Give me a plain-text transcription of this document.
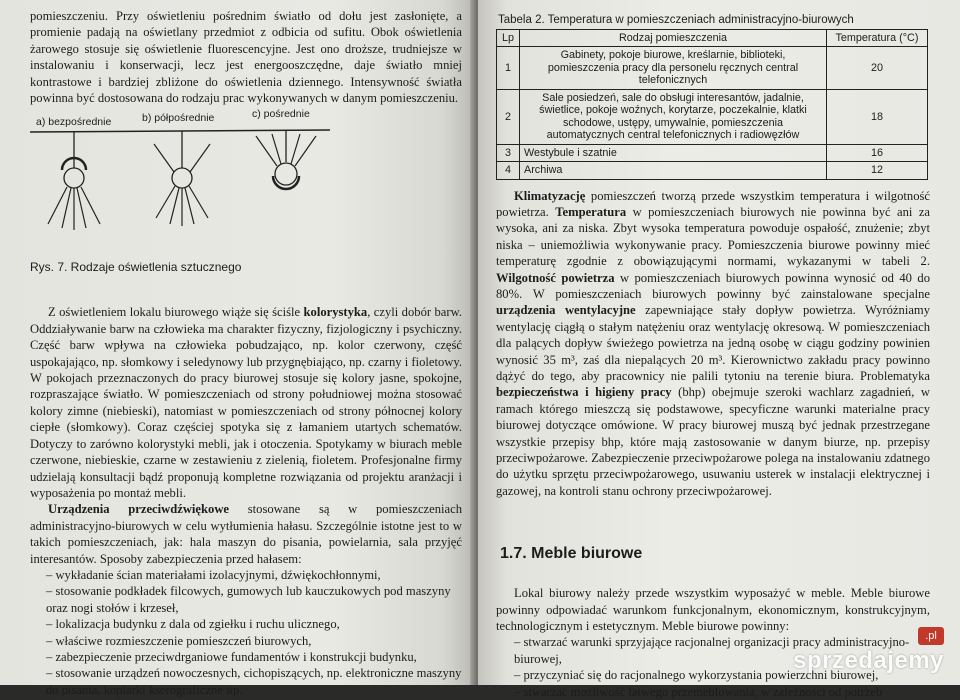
pomieszczeniu. Przy oświetleniu pośrednim światło od dołu jest zasłonięte, a promienie padają na oświetlany przedmiot z odbicia od sufitu. Obok oświetlenia żarowego stosuje się oświetlenie fluorescencyjne. Jest ono droższe, trudniejsze w instalowaniu i konserwacji, lecz jest energooszczędne, daje światło mniej kontrastowe i bardziej zbliżone do oświetlenia dziennego. Intensywność światła powinna być dostosowana do rodzaju prac wykonywanych w danym pomieszczeniu.

a) bezpośrednie	b) półpośrednie	c) pośrednie
Rys. 7. Rodzaje oświetlenia sztucznego

Z oświetleniem lokalu biurowego wiąże się ściśle kolorystyka, czyli dobór barw. Oddziaływanie barw na człowieka ma charakter fizyczny, fizjologiczny i psychiczny. Część barw wpływa na człowieka pobudzająco, np. kolor czerwony, część uspokajająco, np. słomkowy i seledynowy lub przygnębiająco, np. czarny i fioletowy. W pokojach przeznaczonych do pracy biurowej stosuje się kolory jasne, spokojne, rozpraszające światło. W pomieszczeniach od strony południowej można stosować kolory zimne (niebieski), natomiast w pomieszczeniach od strony północnej kolory ciepłe (słomkowy). Coraz częściej spotyka się z łamaniem utartych schematów. Dotyczy to zarówno kolorystyki mebli, jak i otoczenia. Spotykamy w biurach meble czerwone, niebieskie, czarne w zestawieniu z zielenią, fioletem. Profesjonalne firmy udzielają konsultacji bądź proponują kompletne rozwiązania od projektu aranżacji i wyposażenia po montaż mebli.

Urządzenia przeciwdźwiękowe stosowane są w pomieszczeniach administracyjno-biurowych w celu wytłumienia hałasu. Szczególnie istotne jest to w takich pomieszczeniach, jak: hala maszyn do pisania, powielarnia, sala przyjęć interesantów. Sposoby zabezpieczenia przed hałasem:

– wykładanie ścian materiałami izolacyjnymi, dźwiękochłonnymi,
– stosowanie podkładek filcowych, gumowych lub kauczukowych pod maszyny oraz nogi stołów i krzeseł,
– lokalizacja budynku z dala od zgiełku i ruchu ulicznego,
– właściwe rozmieszczenie pomieszczeń biurowych,
– zabezpieczenie przeciwdrganiowe fundamentów i konstrukcji budynku,
– stosowanie urządzeń nowoczesnych, cichopiszących, np. elektroniczne maszyny do pisania, kopiarki kserograficzne itp.

Tabela 2. Temperatura w pomieszczeniach administracyjno-biurowych

Lp	Rodzaj pomieszczenia	Temperatura (°C)
1	Gabinety, pokoje biurowe, kreślarnie, biblioteki, pomieszczenia pracy dla personelu ręcznych central telefonicznych	20
2	Sale posiedzeń, sale do obsługi interesantów, jadalnie, świetlice, pokoje woźnych, korytarze, poczekalnie, klatki schodowe, ustępy, umywalnie, pomieszczenia automatycznych central telefonicznych i radiowęzłów	18
3	Westybule i szatnie	16
4	Archiwa	12

Klimatyzację pomieszczeń tworzą przede wszystkim temperatura i wilgotność powietrza. Temperatura w pomieszczeniach biurowych nie powinna być ani za wysoka, ani za niska. Zbyt wysoka temperatura powoduje ospałość, znużenie; zbyt niska – uniemożliwia wykonywanie pracy. Pomieszczenia biurowe powinny mieć temperaturę zgodnie z obowiązującymi normami, wykazanymi w tabeli 2. Wilgotność powietrza w pomieszczeniach biurowych powinna wynosić od 40 do 80%. W pomieszczeniach biurowych powinny być zainstalowane specjalne urządzenia wentylacyjne zapewniające stały dopływ powietrza. Wyróżniamy wentylację ciągłą o stałym natężeniu oraz wentylację okresową. W pomieszczeniach dla palących dopływ świeżego powietrza na jedną osobę w ciągu godziny powinien wynosić 35 m³, zaś dla niepalących 20 m³. Kierownictwo zakładu pracy powinno dążyć do tego, aby pracownicy nie palili tytoniu na terenie biura. Problematyka bezpieczeństwa i higieny pracy (bhp) obejmuje szeroki wachlarz zagadnień, w ramach którego mieszczą się podstawowe, specyficzne warunki materialne pracy biurowej dotyczące omówione. W pracy biurowej muszą być jednak przestrzegane wszystkie przepisy bhp, które mają zastosowanie w danym biurze, np. przepisy przeciwpożarowe. Zabezpieczenie przeciwpożarowe polega na instalowaniu zdatnego do użytku sprzętu przeciwpożarowego, usuwaniu usterek w instalacji elektrycznej i gazowej, na kontroli stanu ochrony przeciwpożarowej.

1.7. Meble biurowe

Lokal biurowy należy przede wszystkim wyposażyć w meble. Meble biurowe powinny odpowiadać warunkom funkcjonalnym, ekonomicznym, konstrukcyjnym, technologicznym i estetycznym. Meble biurowe powinny:

– stwarzać warunki sprzyjające racjonalnej organizacji pracy administracyjno-biurowej,
– przyczyniać się do racjonalnego wykorzystania powierzchni biurowej,
– stwarzać możliwość łatwego przemeblowania, w zależności od potrzeb
.pl
sprzedajemy
